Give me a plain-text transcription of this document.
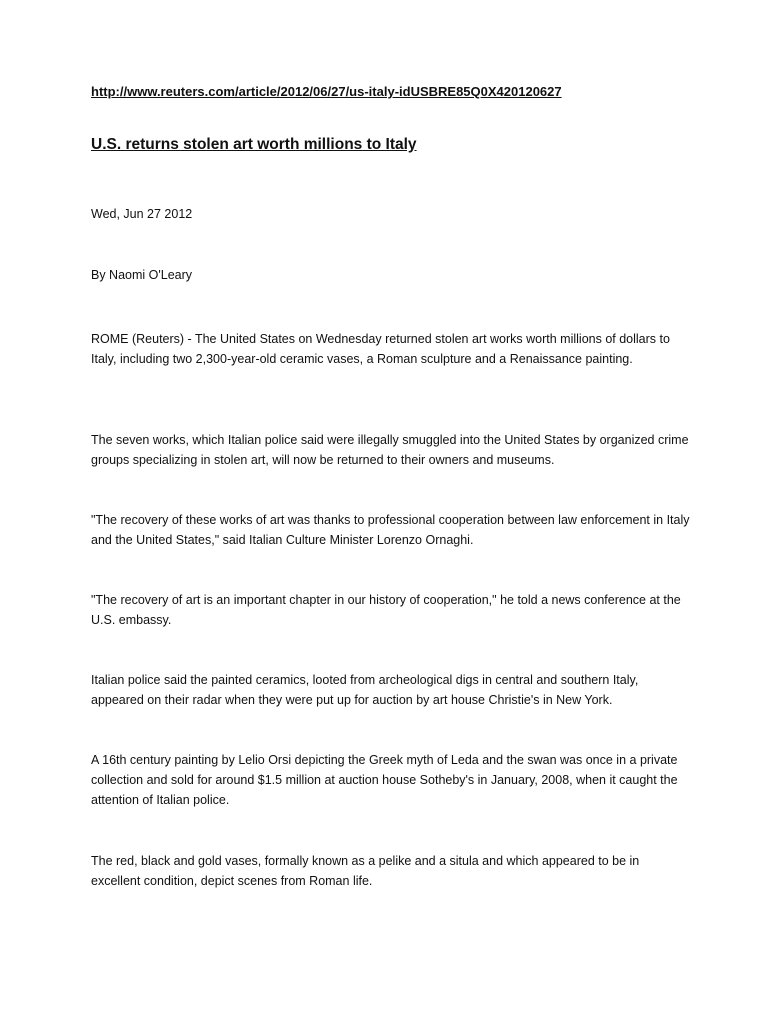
http://www.reuters.com/article/2012/06/27/us-italy-idUSBRE85Q0X420120627
U.S. returns stolen art worth millions to Italy
Wed, Jun 27 2012
By Naomi O'Leary

ROME (Reuters) - The United States on Wednesday returned stolen art works worth millions of dollars to Italy, including two 2,300-year-old ceramic vases, a Roman sculpture and a Renaissance painting.

The seven works, which Italian police said were illegally smuggled into the United States by organized crime groups specializing in stolen art, will now be returned to their owners and museums.

"The recovery of these works of art was thanks to professional cooperation between law enforcement in Italy and the United States," said Italian Culture Minister Lorenzo Ornaghi.

"The recovery of art is an important chapter in our history of cooperation," he told a news conference at the U.S. embassy.

Italian police said the painted ceramics, looted from archeological digs in central and southern Italy, appeared on their radar when they were put up for auction by art house Christie's in New York.

A 16th century painting by Lelio Orsi depicting the Greek myth of Leda and the swan was once in a private collection and sold for around $1.5 million at auction house Sotheby's in January, 2008, when it caught the attention of Italian police.

The red, black and gold vases, formally known as a pelike and a situla and which appeared to be in excellent condition, depict scenes from Roman life.
